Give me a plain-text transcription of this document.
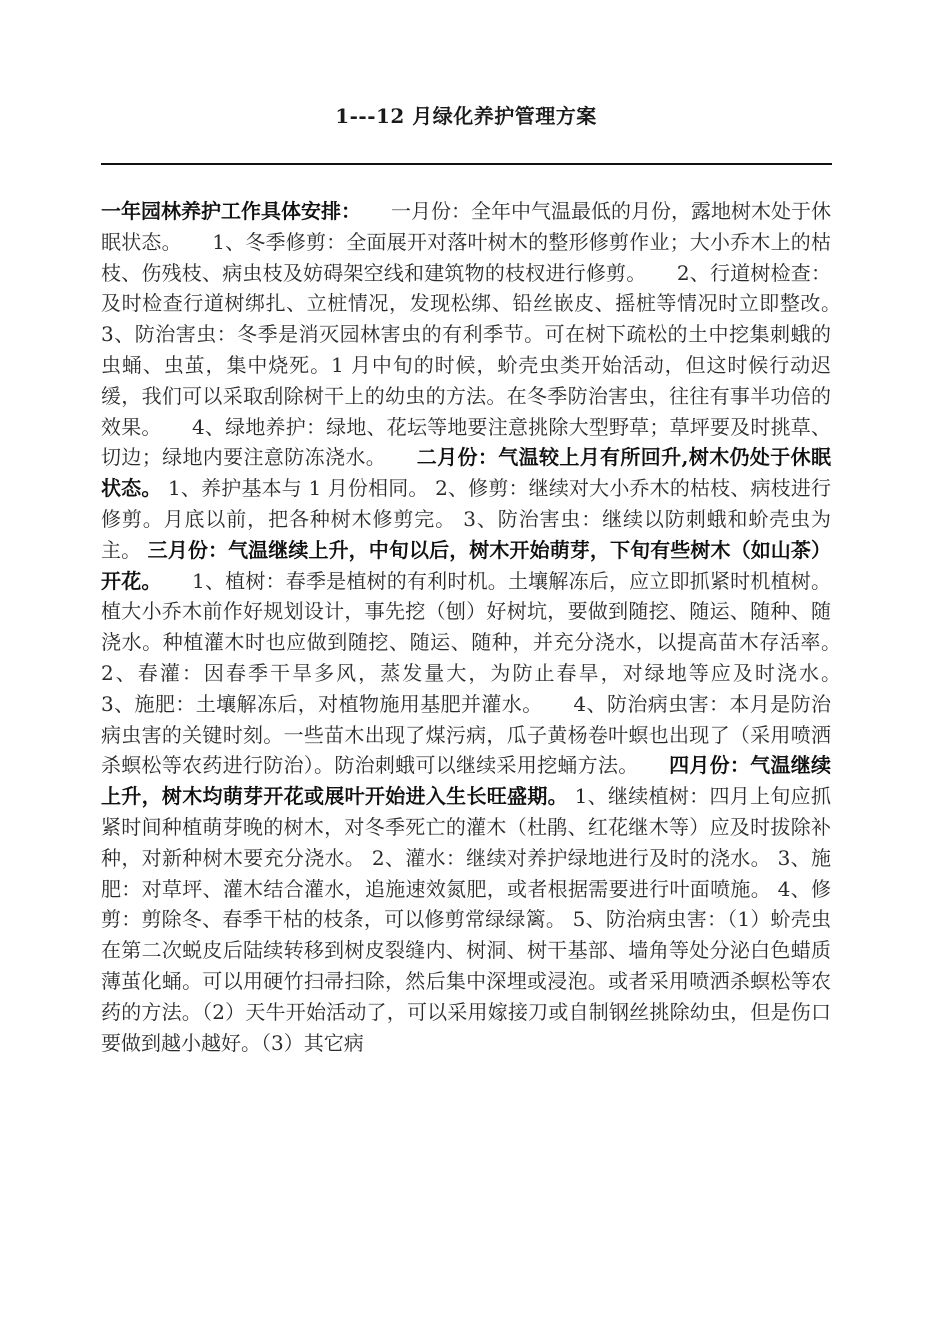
1---12 月绿化养护管理方案
一年园林养护工作具体安排：　　一月份：全年中气温最低的月份，露地树木处于休眠状态。　　1、冬季修剪：全面展开对落叶树木的整形修剪作业；大小乔木上的枯枝、伤残枝、病虫枝及妨碍架空线和建筑物的枝杈进行修剪。　　2、行道树检查：及时检查行道树绑扎、立桩情况，发现松绑、铅丝嵌皮、摇桩等情况时立即整改。　　3、防治害虫：冬季是消灭园林害虫的有利季节。可在树下疏松的土中挖集刺蛾的虫蛹、虫茧，集中烧死。1 月中旬的时候，蚧壳虫类开始活动，但这时候行动迟缓，我们可以采取刮除树干上的幼虫的方法。在冬季防治害虫，往往有事半功倍的效果。　　4、绿地养护：绿地、花坛等地要注意挑除大型野草；草坪要及时挑草、切边；绿地内要注意防冻浇水。　　二月份：气温较上月有所回升,树木仍处于休眠状态。 1、养护基本与 1 月份相同。 2、修剪：继续对大小乔木的枯枝、病枝进行修剪。月底以前，把各种树木修剪完。 3、防治害虫：继续以防刺蛾和蚧壳虫为主。 三月份：气温继续上升，中旬以后，树木开始萌芽，下旬有些树木（如山茶）开花。　　1、植树：春季是植树的有利时机。土壤解冻后，应立即抓紧时机植树。植大小乔木前作好规划设计，事先挖（刨）好树坑，要做到随挖、随运、随种、随浇水。种植灌木时也应做到随挖、随运、随种，并充分浇水，以提高苗木存活率。　　2、春灌：因春季干旱多风，蒸发量大，为防止春旱，对绿地等应及时浇水。　　3、施肥：土壤解冻后，对植物施用基肥并灌水。　　4、防治病虫害：本月是防治病虫害的关键时刻。一些苗木出现了煤污病，瓜子黄杨卷叶螟也出现了（采用喷洒杀螟松等农药进行防治）。防治刺蛾可以继续采用挖蛹方法。　　四月份：气温继续上升，树木均萌芽开花或展叶开始进入生长旺盛期。 1、继续植树：四月上旬应抓紧时间种植萌芽晚的树木，对冬季死亡的灌木（杜鹃、红花继木等）应及时拔除补种，对新种树木要充分浇水。 2、灌水：继续对养护绿地进行及时的浇水。 3、施肥：对草坪、灌木结合灌水，追施速效氮肥，或者根据需要进行叶面喷施。 4、修剪：剪除冬、春季干枯的枝条，可以修剪常绿绿篱。 5、防治病虫害：（1）蚧壳虫在第二次蜕皮后陆续转移到树皮裂缝内、树洞、树干基部、墙角等处分泌白色蜡质薄茧化蛹。可以用硬竹扫帚扫除，然后集中深埋或浸泡。或者采用喷洒杀螟松等农药的方法。（2）天牛开始活动了，可以采用嫁接刀或自制钢丝挑除幼虫，但是伤口要做到越小越好。（3）其它病
